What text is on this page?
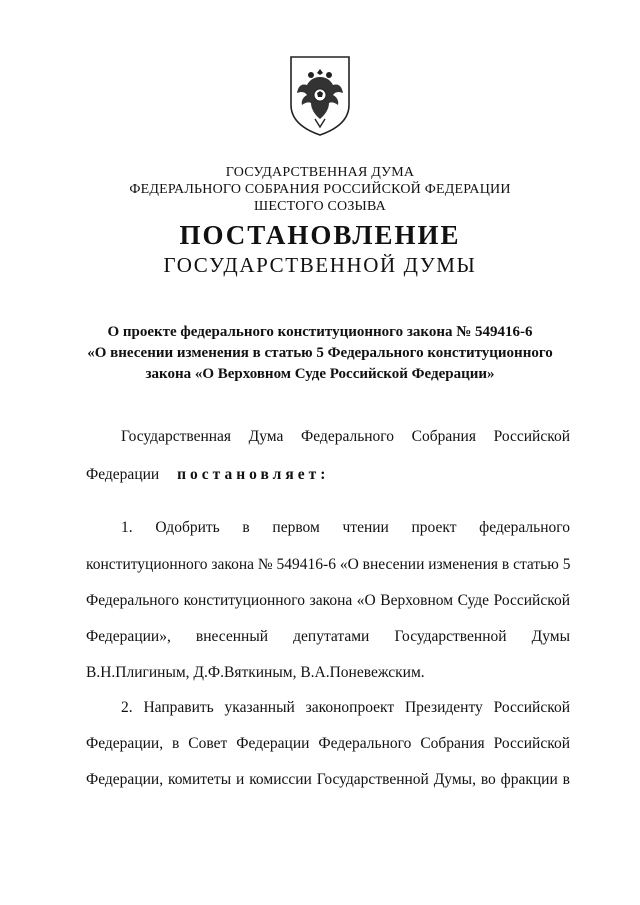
ГОСУДАРСТВЕННАЯ ДУМА
ФЕДЕРАЛЬНОГО СОБРАНИЯ РОССИЙСКОЙ ФЕДЕРАЦИИ
ШЕСТОГО СОЗЫВА
ПОСТАНОВЛЕНИЕ
ГОСУДАРСТВЕННОЙ ДУМЫ
О проекте федерального конституционного закона № 549416-6
«О внесении изменения в статью 5 Федерального конституционного
закона «О Верховном Суде Российской Федерации»
Государственная Дума Федерального Собрания Российской
Федерации постановляет:
1. Одобрить в первом чтении проект федерального
конституционного закона № 549416-6 «О внесении изменения в статью 5
Федерального конституционного закона «О Верховном Суде Российской
Федерации», внесенный депутатами Государственной Думы
В.Н.Плигиным, Д.Ф.Вяткиным, В.А.Поневежским.
2. Направить указанный законопроект Президенту Российской
Федерации, в Совет Федерации Федерального Собрания Российской
Федерации, комитеты и комиссии Государственной Думы, во фракции в
